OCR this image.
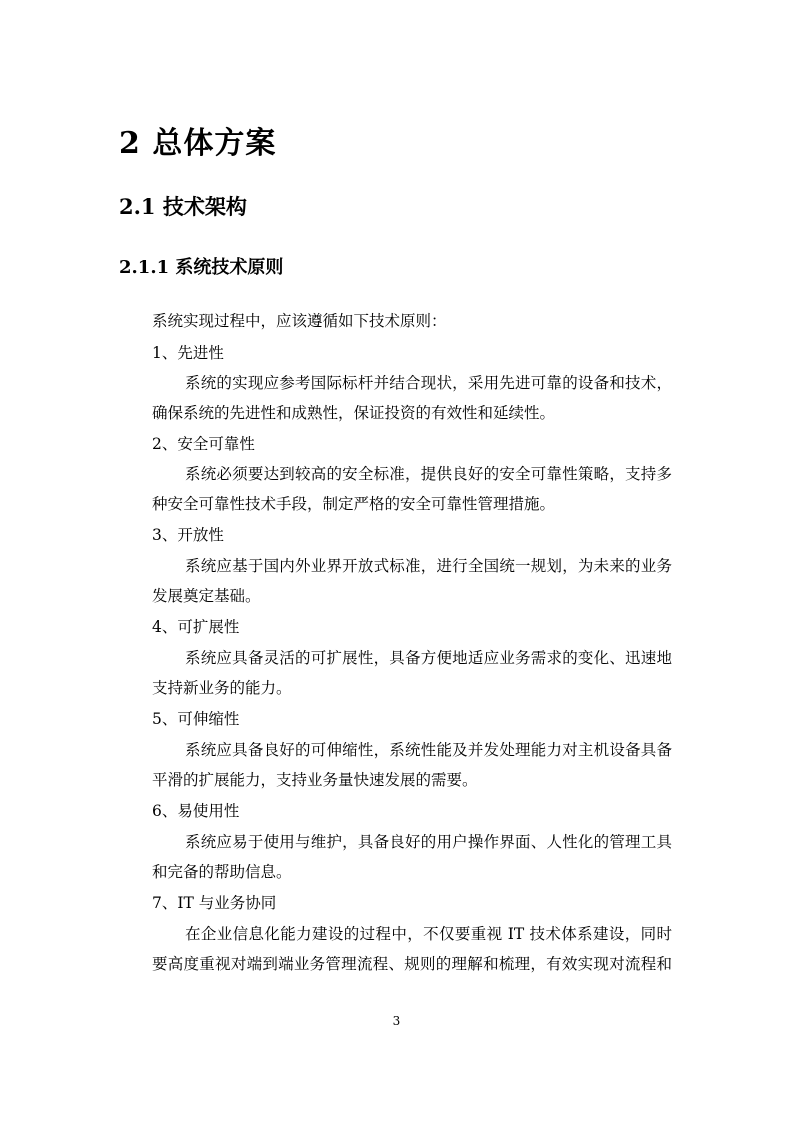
2 总体方案
2.1 技术架构
2.1.1 系统技术原则
系统实现过程中，应该遵循如下技术原则：
1、先进性
系统的实现应参考国际标杆并结合现状，采用先进可靠的设备和技术，
确保系统的先进性和成熟性，保证投资的有效性和延续性。
2、安全可靠性
系统必须要达到较高的安全标准，提供良好的安全可靠性策略，支持多
种安全可靠性技术手段，制定严格的安全可靠性管理措施。
3、开放性
系统应基于国内外业界开放式标准，进行全国统一规划，为未来的业务
发展奠定基础。
4、可扩展性
系统应具备灵活的可扩展性，具备方便地适应业务需求的变化、迅速地
支持新业务的能力。
5、可伸缩性
系统应具备良好的可伸缩性，系统性能及并发处理能力对主机设备具备
平滑的扩展能力，支持业务量快速发展的需要。
6、易使用性
系统应易于使用与维护，具备良好的用户操作界面、人性化的管理工具
和完备的帮助信息。
7、IT 与业务协同
在企业信息化能力建设的过程中，不仅要重视 IT 技术体系建设，同时
要高度重视对端到端业务管理流程、规则的理解和梳理，有效实现对流程和
3
